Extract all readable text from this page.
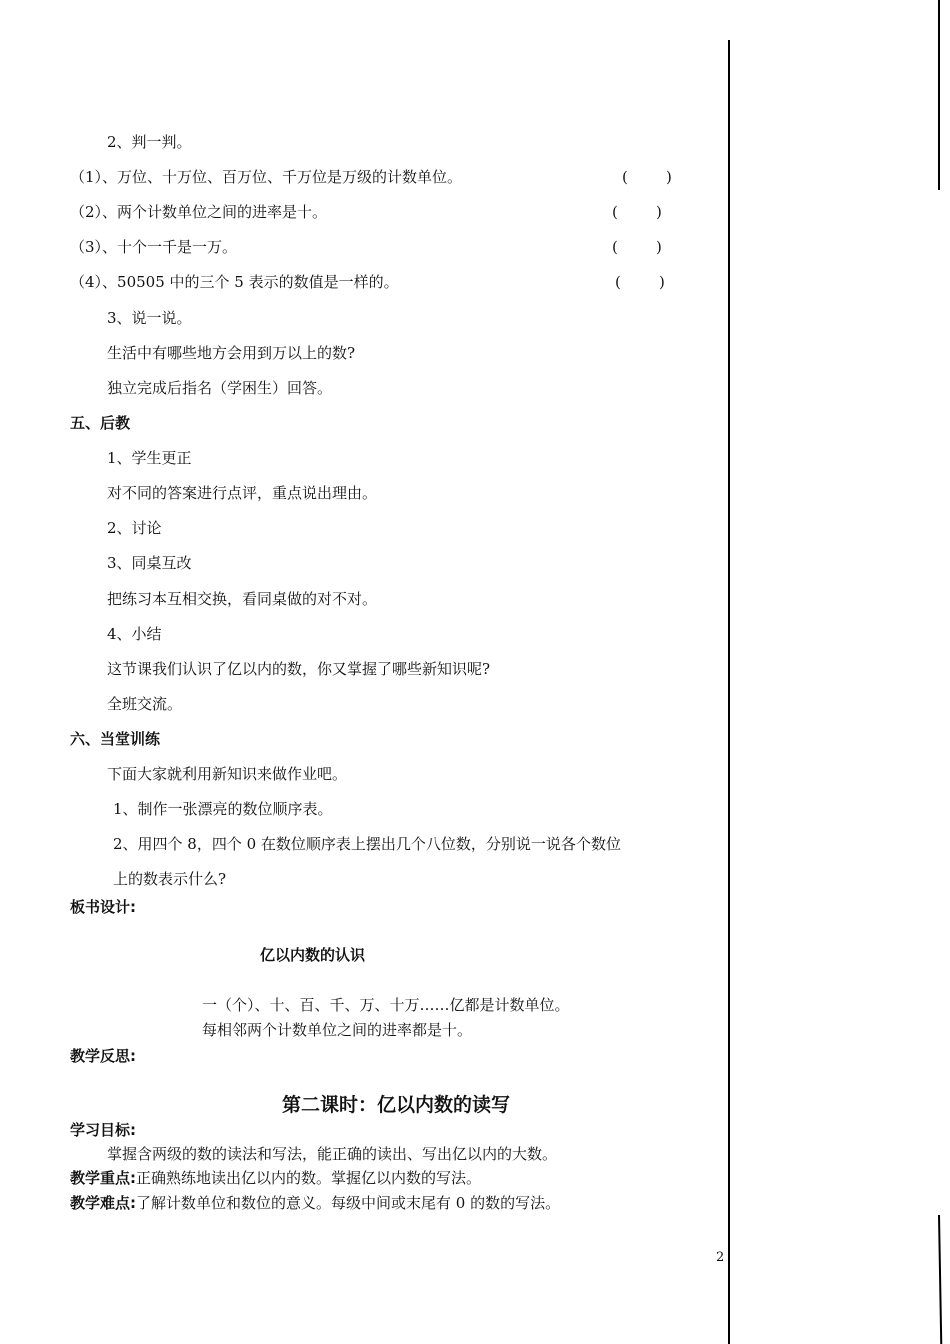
2、判一判。
（1）、万位、十万位、百万位、千万位是万级的计数单位。	(        )
（2）、两个计数单位之间的进率是十。	(        )
（3）、十个一千是一万。	(        )
（4）、50505 中的三个 5 表示的数值是一样的。	(        )
3、说一说。
生活中有哪些地方会用到万以上的数?
独立完成后指名（学困生）回答。
五、后教
1、学生更正
对不同的答案进行点评，重点说出理由。
2、讨论
3、同桌互改
把练习本互相交换，看同桌做的对不对。
4、小结
这节课我们认识了亿以内的数，你又掌握了哪些新知识呢?
全班交流。
六、当堂训练
下面大家就利用新知识来做作业吧。
1、制作一张漂亮的数位顺序表。
2、用四个 8，四个 0 在数位顺序表上摆出几个八位数，分别说一说各个数位
上的数表示什么?
板书设计:
亿以内数的认识
一（个）、十、百、千、万、十万……亿都是计数单位。
每相邻两个计数单位之间的进率都是十。
教学反思:
第二课时：亿以内数的读写
学习目标:
掌握含两级的数的读法和写法，能正确的读出、写出亿以内的大数。
教学重点:正确熟练地读出亿以内的数。掌握亿以内数的写法。
教学难点:了解计数单位和数位的意义。每级中间或末尾有 0 的数的写法。
2
